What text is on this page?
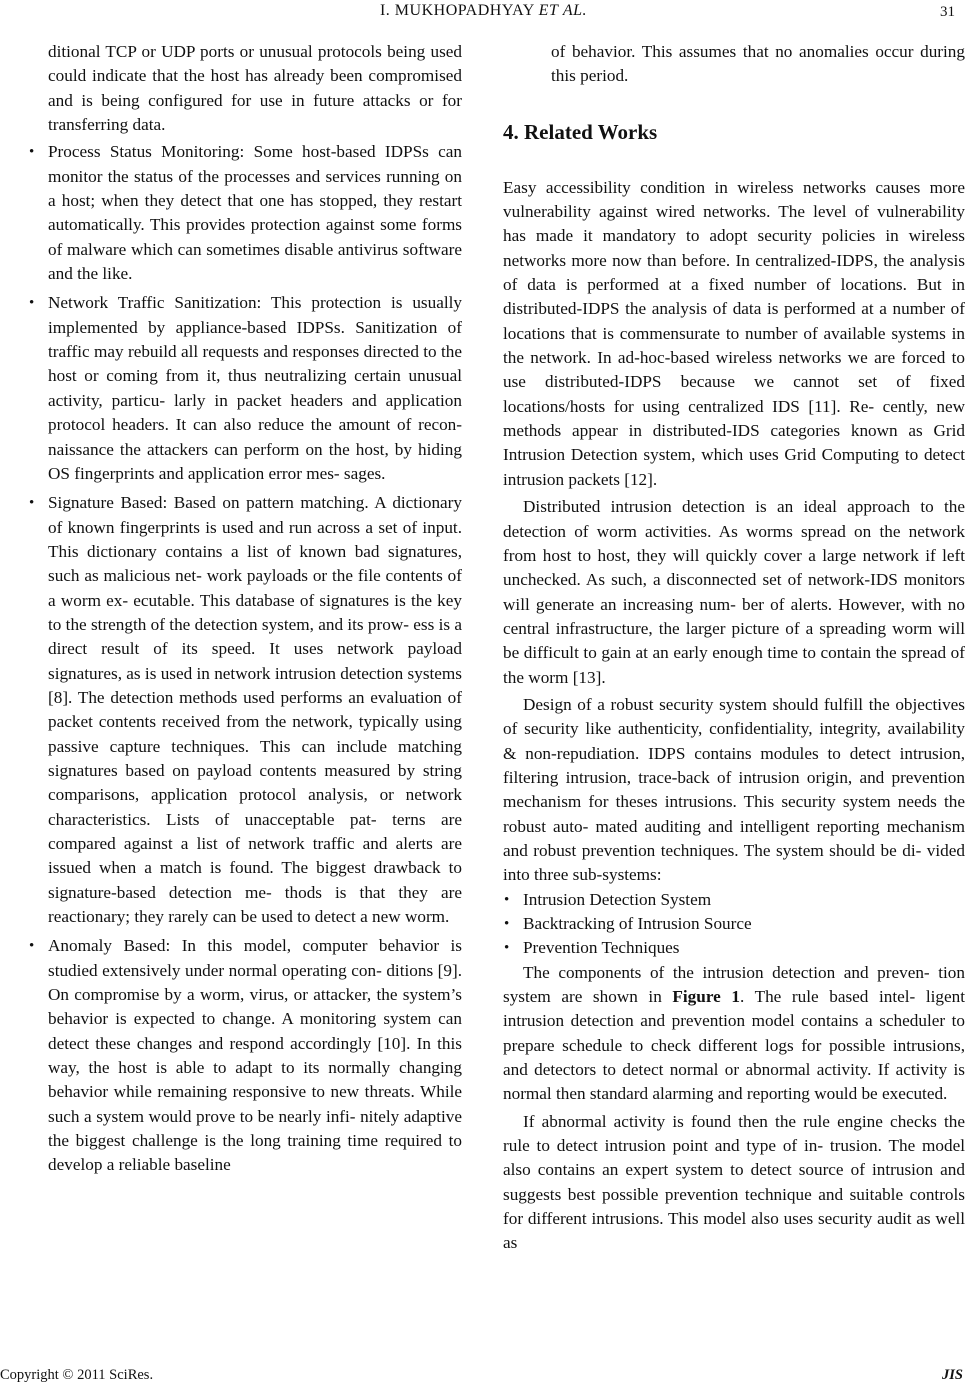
I. MUKHOPADHYAY ET AL.	31

ditional TCP or UDP ports or unusual protocols being used could indicate that the host has already been compromised and is being configured for use in future attacks or for transferring data.

• Process Status Monitoring: Some host-based IDPSs can monitor the status of the processes and services running on a host; when they detect that one has stopped, they restart automatically. This provides protection against some forms of malware which can sometimes disable antivirus software and the like.
• Network Traffic Sanitization: This protection is usually implemented by appliance-based IDPSs. Sanitization of traffic may rebuild all requests and responses directed to the host or coming from it, thus neutralizing certain unusual activity, particu- larly in packet headers and application protocol headers. It can also reduce the amount of recon- naissance the attackers can perform on the host, by hiding OS fingerprints and application error mes- sages.
• Signature Based: Based on pattern matching. A dictionary of known fingerprints is used and run across a set of input. This dictionary contains a list of known bad signatures, such as malicious net- work payloads or the file contents of a worm ex- ecutable. This database of signatures is the key to the strength of the detection system, and its prow- ess is a direct result of its speed. It uses network payload signatures, as is used in network intrusion detection systems [8]. The detection methods used performs an evaluation of packet contents received from the network, typically using passive capture techniques. This can include matching signatures based on payload contents measured by string comparisons, application protocol analysis, or network characteristics. Lists of unacceptable pat- terns are compared against a list of network traffic and alerts are issued when a match is found. The biggest drawback to signature-based detection me- thods is that they are reactionary; they rarely can be used to detect a new worm.
• Anomaly Based: In this model, computer behavior is studied extensively under normal operating con- ditions [9]. On compromise by a worm, virus, or attacker, the system’s behavior is expected to change. A monitoring system can detect these changes and respond accordingly [10]. In this way, the host is able to adapt to its normally changing behavior while remaining responsive to new threats. While such a system would prove to be nearly infi- nitely adaptive the biggest challenge is the long training time required to develop a reliable baseline

of behavior. This assumes that no anomalies occur during this period.

4. Related Works

Easy accessibility condition in wireless networks causes more vulnerability against wired networks. The level of vulnerability has made it mandatory to adopt security policies in wireless networks more now than before. In centralized-IDPS, the analysis of data is performed at a fixed number of locations. But in distributed-IDPS the analysis of data is performed at a number of locations that is commensurate to number of available systems in the network. In ad-hoc-based wireless networks we are forced to use distributed-IDPS because we cannot set of fixed locations/hosts for using centralized IDS [11]. Re- cently, new methods appear in distributed-IDS categories known as Grid Intrusion Detection system, which uses Grid Computing to detect intrusion packets [12].

Distributed intrusion detection is an ideal approach to the detection of worm activities. As worms spread on the network from host to host, they will quickly cover a large network if left unchecked. As such, a disconnected set of network-IDS monitors will generate an increasing num- ber of alerts. However, with no central infrastructure, the larger picture of a spreading worm will be difficult to gain at an early enough time to contain the spread of the worm [13].

Design of a robust security system should fulfill the objectives of security like authenticity, confidentiality, integrity, availability & non-repudiation. IDPS contains modules to detect intrusion, filtering intrusion, trace-back of intrusion origin, and prevention mechanism for theses intrusions. This security system needs the robust auto- mated auditing and intelligent reporting mechanism and robust prevention techniques. The system should be di- vided into three sub-systems:

• Intrusion Detection System
• Backtracking of Intrusion Source
• Prevention Techniques

The components of the intrusion detection and preven- tion system are shown in Figure 1. The rule based intel- ligent intrusion detection and prevention model contains a scheduler to prepare schedule to check different logs for possible intrusions, and detectors to detect normal or abnormal activity. If activity is normal then standard alarming and reporting would be executed.

If abnormal activity is found then the rule engine checks the rule to detect intrusion point and type of in- trusion. The model also contains an expert system to detect source of intrusion and suggests best possible prevention technique and suitable controls for different intrusions. This model also uses security audit as well as

Copyright © 2011 SciRes.	JIS
